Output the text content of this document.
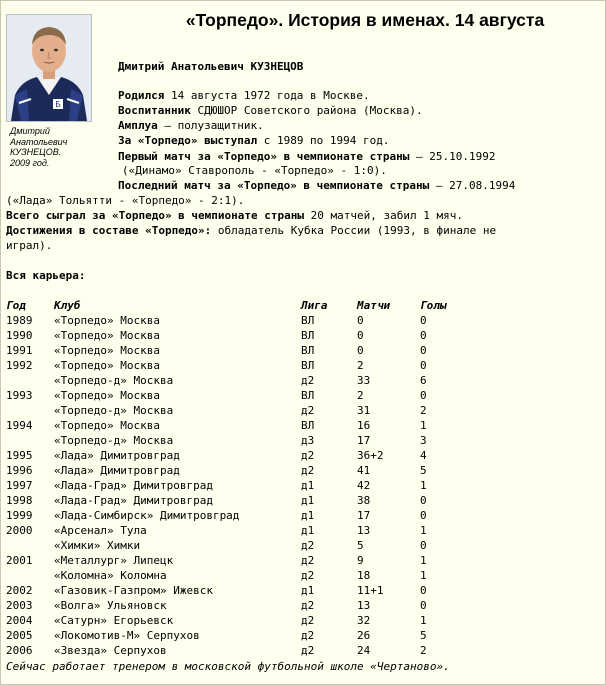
«Торпедо». История в именах. 14 августа
Б
Дмитрий
Анатольевич
КУЗНЕЦОВ.
2009 год.
Дмитрий Анатольевич КУЗНЕЦОВ
Родился 14 августа 1972 года в Москве.
Воспитанник СДЮШОР Советского района (Москва).
Амплуа – полузащитник.
За «Торпедо» выступал с 1989 по 1994 год.
Первый матч за «Торпедо» в чемпионате страны – 25.10.1992
(«Динамо» Ставрополь - «Торпедо» - 1:0).
Последний матч за «Торпедо» в чемпионате страны – 27.08.1994
(«Лада» Тольятти - «Торпедо» - 2:1).
Всего сыграл за «Торпедо» в чемпионате страны 20 матчей, забил 1 мяч.
Достижения в составе «Торпедо»: обладатель Кубка России (1993, в финале не
играл).
Вся карьера:
Год	Клуб	Лига	Матчи	Голы
1989 «Торпедо» Москва	ВЛ	0	0
1990 «Торпедо» Москва	ВЛ	0	0
1991 «Торпедо» Москва	ВЛ	0	0
1992 «Торпедо» Москва	ВЛ	2	0
«Торпедо-д» Москва	д2	33	6
1993 «Торпедо» Москва	ВЛ	2	0
«Торпедо-д» Москва	д2	31	2
1994 «Торпедо» Москва	ВЛ	16	1
«Торпедо-д» Москва	д3	17	3
1995 «Лада» Димитровград	д2	36+2	4
1996 «Лада» Димитровград	д2	41	5
1997 «Лада-Град» Димитровград	д1	42	1
1998 «Лада-Град» Димитровград	д1	38	0
1999 «Лада-Симбирск» Димитровград	д1	17	0
2000 «Арсенал» Тула	д1	13	1
«Химки» Химки	д2	5	0
2001 «Металлург» Липецк	д2	9	1
«Коломна» Коломна	д2	18	1
2002 «Газовик-Газпром» Ижевск	д1	11+1	0
2003 «Волга» Ульяновск	д2	13	0
2004 «Сатурн» Егорьевск	д2	32	1
2005 «Локомотив-М» Серпухов	д2	26	5
2006 «Звезда» Серпухов	д2	24	2
Сейчас работает тренером в московской футбольной школе «Чертаново».
